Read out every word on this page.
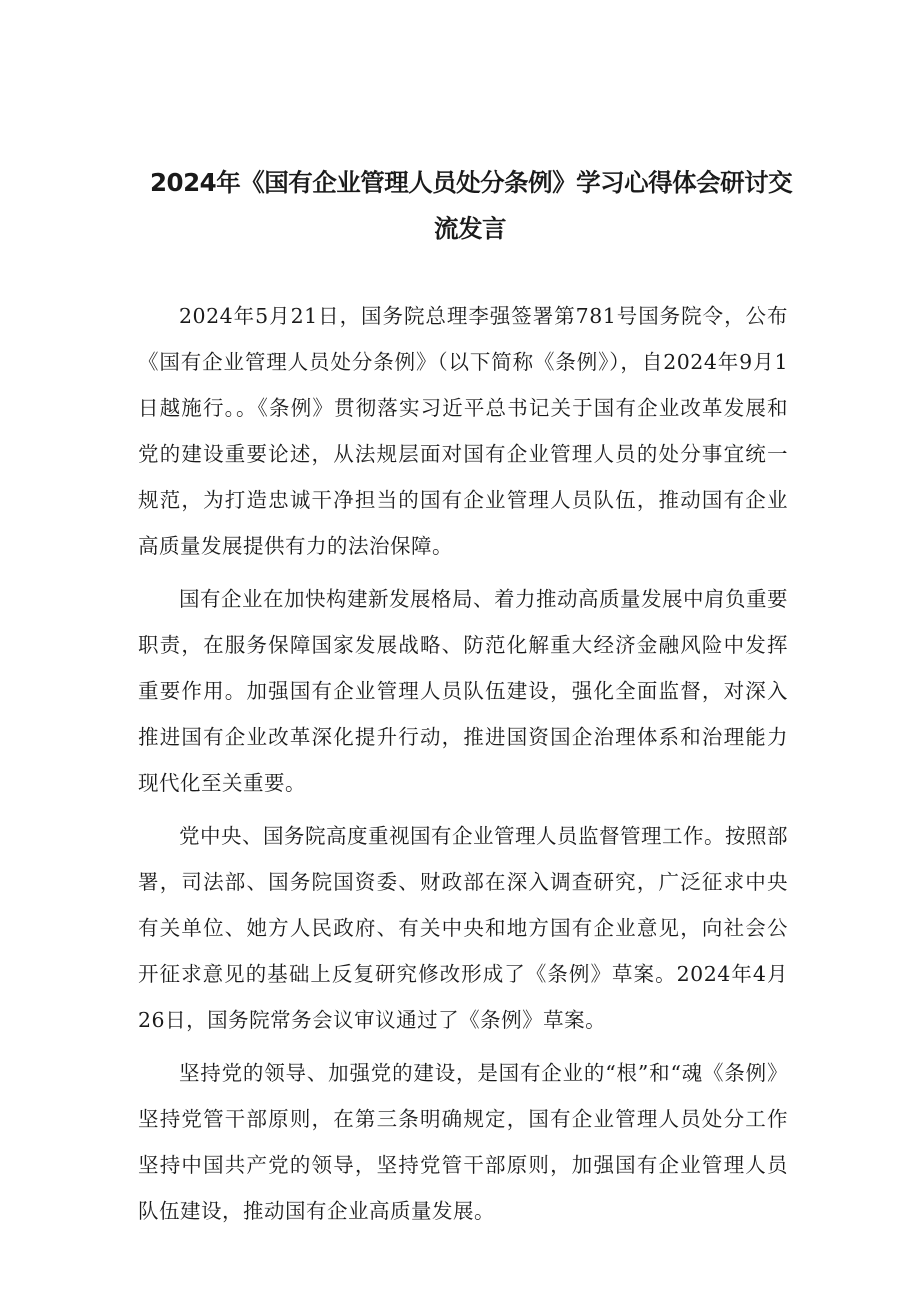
2024年《国有企业管理人员处分条例》学习心得体会研讨交
流发言

2024年5月21日，国务院总理李强签署第781号国务院令，公布《国有企业管理人员处分条例》（以下简称《条例》），自2024年9月1日越施行。。《条例》贯彻落实习近平总书记关于国有企业改革发展和党的建设重要论述，从法规层面对国有企业管理人员的处分事宜统一规范，为打造忠诚干净担当的国有企业管理人员队伍，推动国有企业高质量发展提供有力的法治保障。

国有企业在加快构建新发展格局、着力推动高质量发展中肩负重要职责，在服务保障国家发展战略、防范化解重大经济金融风险中发挥重要作用。加强国有企业管理人员队伍建设，强化全面监督，对深入推进国有企业改革深化提升行动，推进国资国企治理体系和治理能力现代化至关重要。

党中央、国务院高度重视国有企业管理人员监督管理工作。按照部署，司法部、国务院国资委、财政部在深入调查研究，广泛征求中央有关单位、她方人民政府、有关中央和地方国有企业意见，向社会公开征求意见的基础上反复研究修改形成了《条例》草案。2024年4月26日，国务院常务会议审议通过了《条例》草案。

坚持党的领导、加强党的建设，是国有企业的“根”和“魂《条例》坚持党管干部原则，在第三条明确规定，国有企业管理人员处分工作坚持中国共产党的领导，坚持党管干部原则，加强国有企业管理人员队伍建设，推动国有企业高质量发展。
